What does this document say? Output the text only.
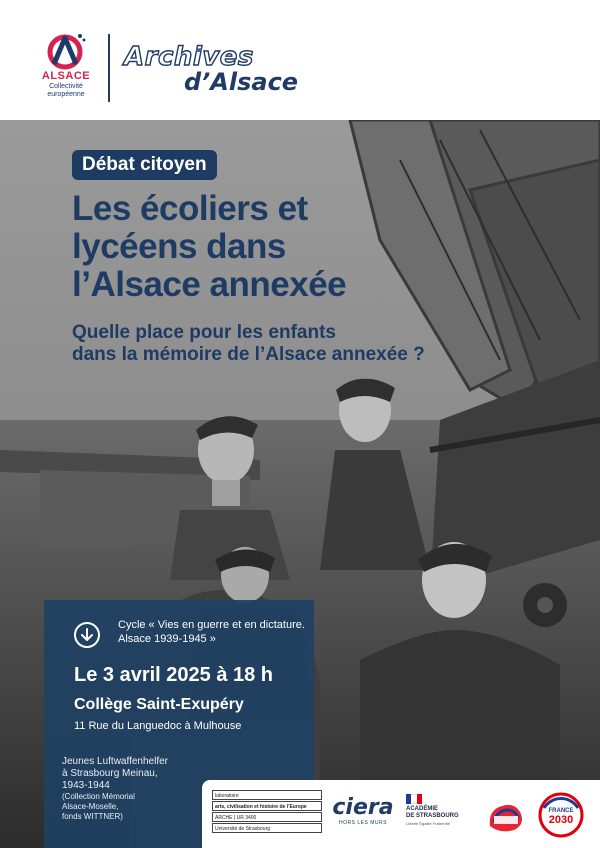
ALSACE
Collectivité
européenne
Archives
d’Alsace
Débat citoyen
Les écoliers et
lycéens dans
l’Alsace annexée
Quelle place pour les enfants
dans la mémoire de l’Alsace annexée ?
Cycle « Vies en guerre et en dictature.
Alsace 1939-1945 »
Le 3 avril 2025 à 18 h
Collège Saint-Exupéry
11 Rue du Languedoc à Mulhouse
Jeunes Luftwaffenhelfer
à Strasbourg Meinau,
1943-1944
(Collection Mémorial
Alsace-Moselle,
fonds WITTNER)
laboratoire
arts, civilisation et histoire de l’Europe
ARCHE | UR 3400
Université de Strasbourg
ciera
HORS LES MURS
ACADÉMIE
DE STRASBOURG
Liberté Égalité Fraternité
FRANCE
2030
